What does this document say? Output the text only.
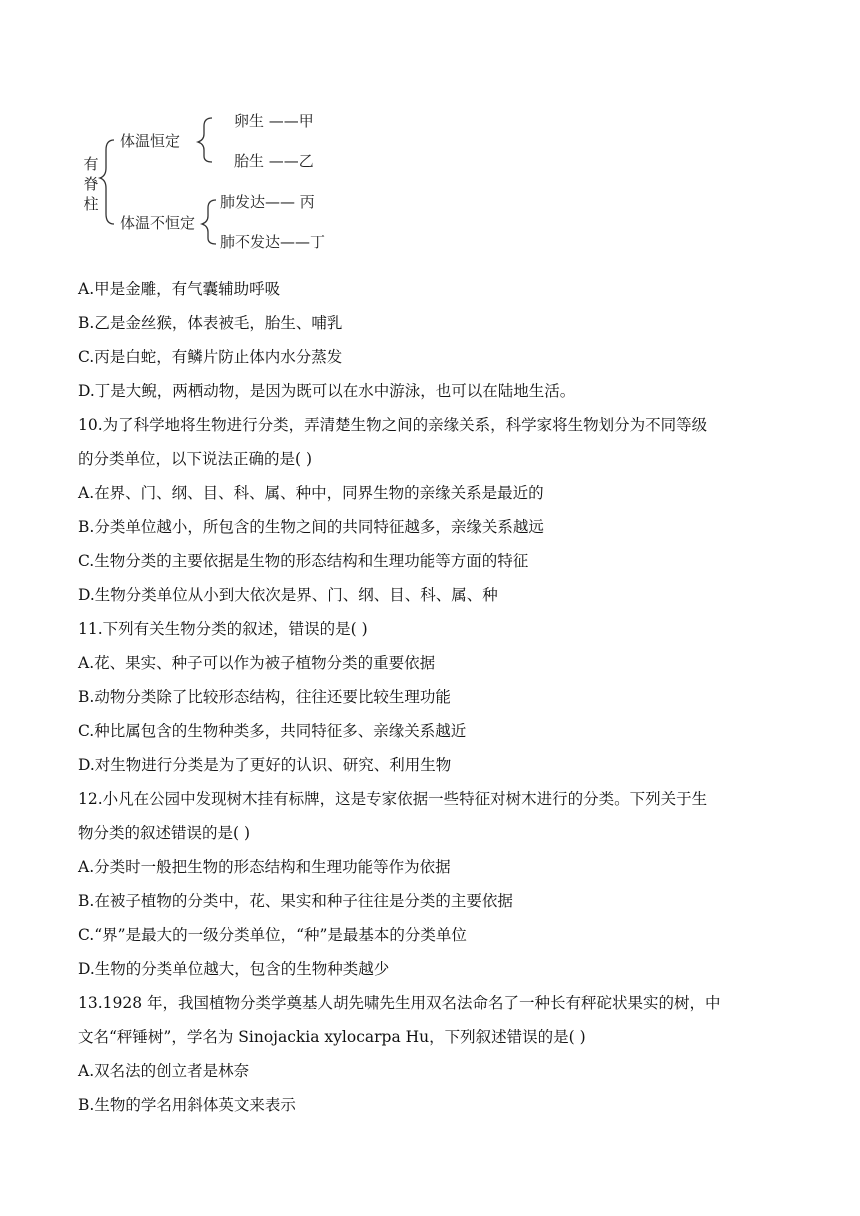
有
脊
柱
体温恒定
体温不恒定
卵生 ——甲
胎生 ——乙
肺发达—— 丙
肺不发达——丁
A.甲是金雕，有气囊辅助呼吸
B.乙是金丝猴，体表被毛，胎生、哺乳
C.丙是白蛇，有鳞片防止体内水分蒸发
D.丁是大鲵，两栖动物，是因为既可以在水中游泳，也可以在陆地生活。
10.为了科学地将生物进行分类，弄清楚生物之间的亲缘关系，科学家将生物划分为不同等级
的分类单位，以下说法正确的是( )
A.在界、门、纲、目、科、属、种中，同界生物的亲缘关系是最近的
B.分类单位越小，所包含的生物之间的共同特征越多，亲缘关系越远
C.生物分类的主要依据是生物的形态结构和生理功能等方面的特征
D.生物分类单位从小到大依次是界、门、纲、目、科、属、种
11.下列有关生物分类的叙述，错误的是( )
A.花、果实、种子可以作为被子植物分类的重要依据
B.动物分类除了比较形态结构，往往还要比较生理功能
C.种比属包含的生物种类多，共同特征多、亲缘关系越近
D.对生物进行分类是为了更好的认识、研究、利用生物
12.小凡在公园中发现树木挂有标牌，这是专家依据一些特征对树木进行的分类。下列关于生
物分类的叙述错误的是( )
A.分类时一般把生物的形态结构和生理功能等作为依据
B.在被子植物的分类中，花、果实和种子往往是分类的主要依据
C.“界”是最大的一级分类单位，“种”是最基本的分类单位
D.生物的分类单位越大，包含的生物种类越少
13.1928 年，我国植物分类学奠基人胡先啸先生用双名法命名了一种长有秤砣状果实的树，中
文名“秤锤树”，学名为 Sinojackia xylocarpa Hu，下列叙述错误的是( )
A.双名法的创立者是林奈
B.生物的学名用斜体英文来表示
